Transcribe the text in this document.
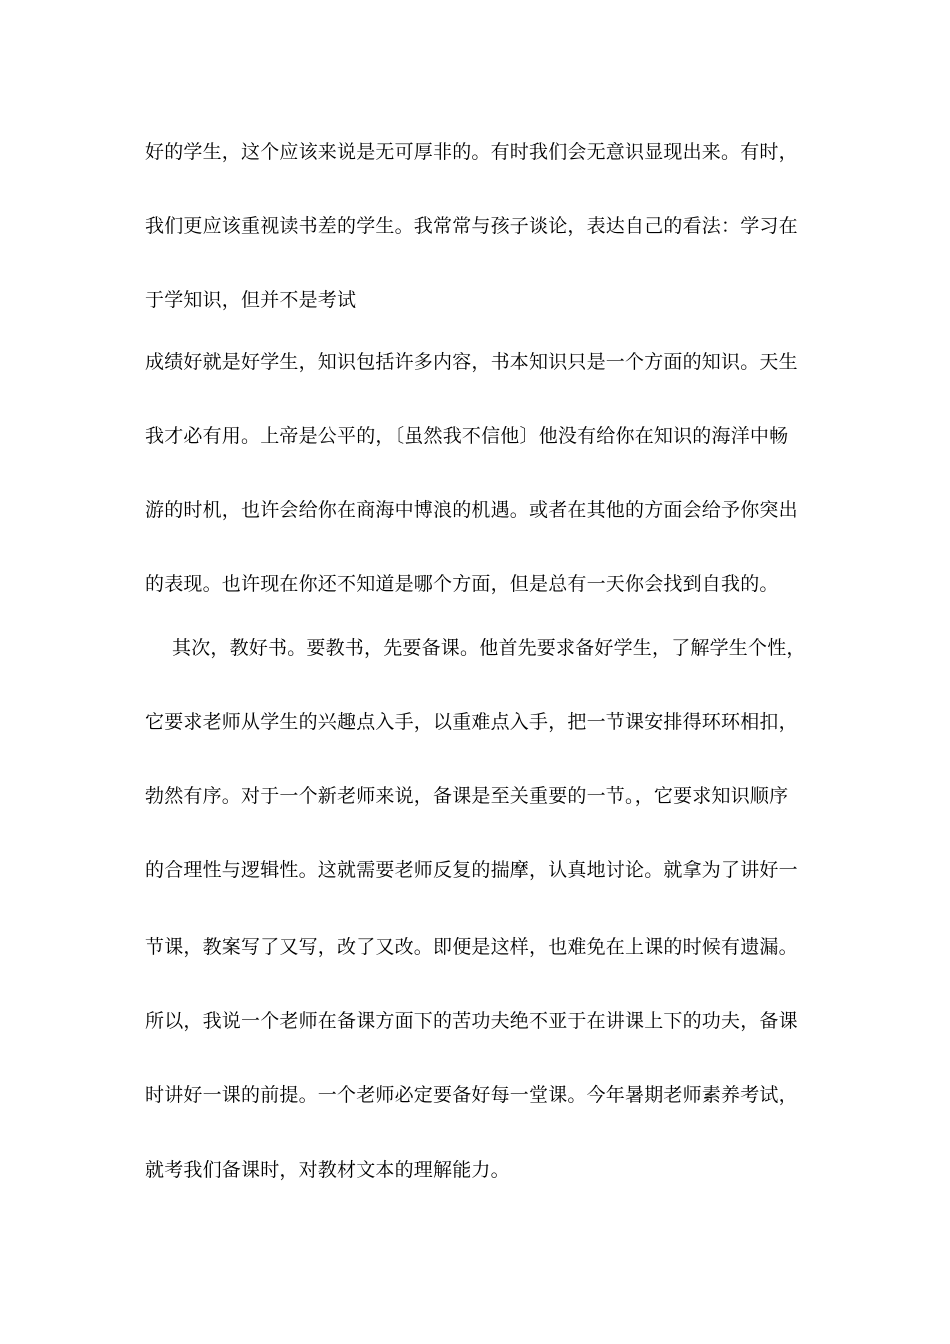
好的学生，这个应该来说是无可厚非的。有时我们会无意识显现出来。有时，
我们更应该重视读书差的学生。我常常与孩子谈论，表达自己的看法：学习在
于学知识，但并不是考试
成绩好就是好学生，知识包括许多内容，书本知识只是一个方面的知识。天生
我才必有用。上帝是公平的，〔虽然我不信他〕他没有给你在知识的海洋中畅
游的时机，也许会给你在商海中博浪的机遇。或者在其他的方面会给予你突出
的表现。也许现在你还不知道是哪个方面，但是总有一天你会找到自我的。
其次，教好书。要教书，先要备课。他首先要求备好学生，了解学生个性，
它要求老师从学生的兴趣点入手，以重难点入手，把一节课安排得环环相扣，
勃然有序。对于一个新老师来说，备课是至关重要的一节。，它要求知识顺序
的合理性与逻辑性。这就需要老师反复的揣摩，认真地讨论。就拿为了讲好一
节课，教案写了又写，改了又改。即便是这样，也难免在上课的时候有遗漏。
所以，我说一个老师在备课方面下的苦功夫绝不亚于在讲课上下的功夫，备课
时讲好一课的前提。一个老师必定要备好每一堂课。今年暑期老师素养考试，
就考我们备课时，对教材文本的理解能力。
